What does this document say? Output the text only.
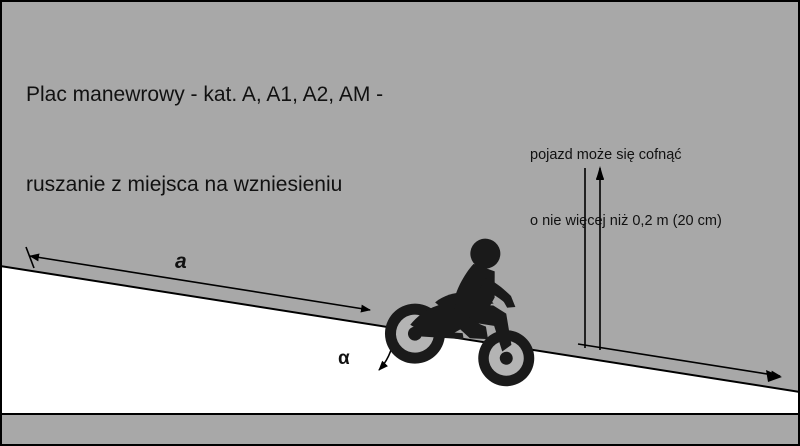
Plac manewrowy - kat. A, A1, A2, AM -

ruszanie z miejsca na wzniesieniu

pojazd może się cofnąć

o nie więcej niż 0,2 m (20 cm)

a
α
